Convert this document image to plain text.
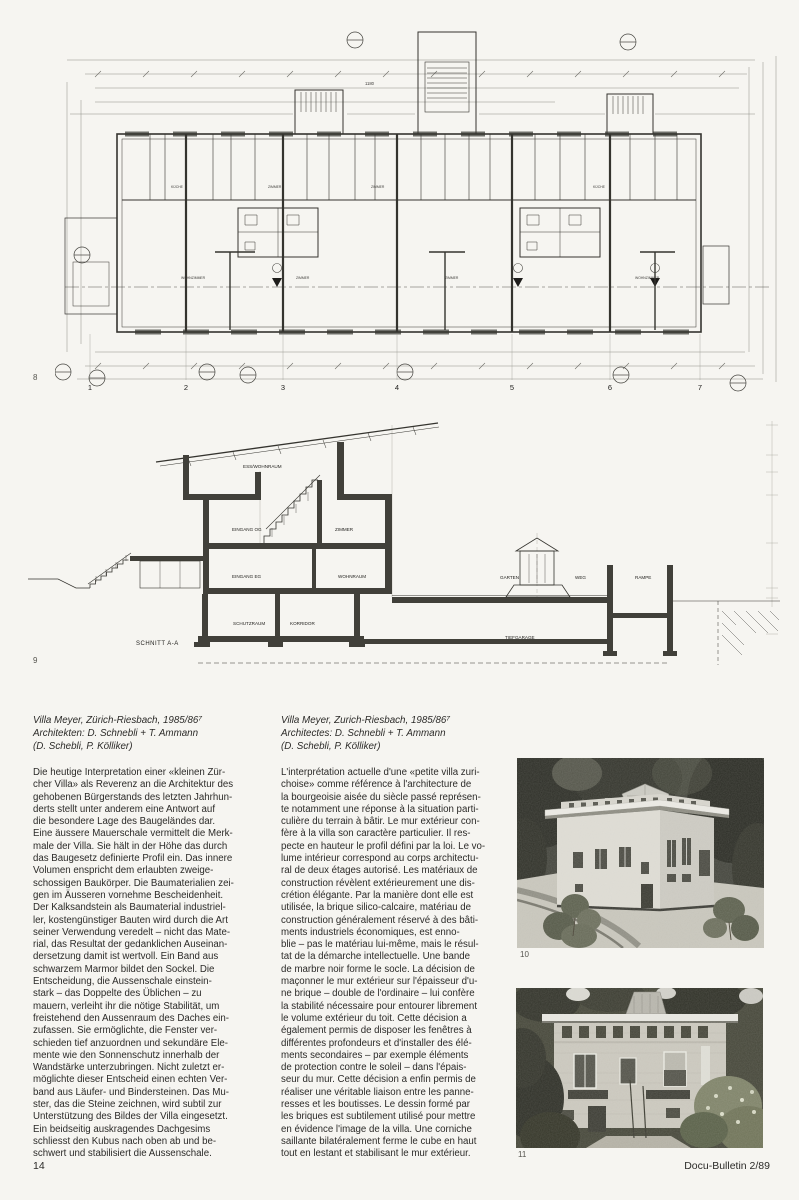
1	2	3	4	5	6	7
KÜCHE	ZIMMER	ZIMMER	KÜCHE
WOHNZIMMER	ZIMMER	ZIMMER	WOHNZIMMER
1180
8
ESS/WOHNRAUM
EINGANG OG	ZIMMER
EINGANG EG	WOHNRAUM
SCHUTZRAUM	KORRIDOR
GARTEN	WEG	RAMPE
TIEFGARAGE
SCHNITT A-A
9
Villa Meyer, Zürich-Riesbach, 1985/86⁷
Architekten: D. Schnebli + T. Ammann
(D. Schebli, P. Kölliker)
Die heutige Interpretation einer «kleinen Zür-
cher Villa» als Reverenz an die Architektur des
gehobenen Bürgerstands des letzten Jahrhun-
derts stellt unter anderem eine Antwort auf
die besondere Lage des Baugeländes dar.
Eine äussere Mauerschale vermittelt die Merk-
male der Villa. Sie hält in der Höhe das durch
das Baugesetz definierte Profil ein. Das innere
Volumen enspricht dem erlaubten zweige-
schossigen Baukörper. Die Baumaterialien zei-
gen im Äusseren vornehme Bescheidenheit.
Der Kalksandstein als Baumaterial industriel-
ler, kostengünstiger Bauten wird durch die Art
seiner Verwendung veredelt – nicht das Mate-
rial, das Resultat der gedanklichen Auseinan-
dersetzung damit ist wertvoll. Ein Band aus
schwarzem Marmor bildet den Sockel. Die
Entscheidung, die Aussenschale einstein-
stark – das Doppelte des Üblichen – zu
mauern, verleiht ihr die nötige Stabilität, um
freistehend den Aussenraum des Daches ein-
zufassen. Sie ermöglichte, die Fenster ver-
schieden tief anzuordnen und sekundäre Ele-
mente wie den Sonnenschutz innerhalb der
Wandstärke unterzubringen. Nicht zuletzt er-
möglichte dieser Entscheid einen echten Ver-
band aus Läufer- und Bindersteinen. Das Mu-
ster, das die Steine zeichnen, wird subtil zur
Unterstützung des Bildes der Villa eingesetzt.
Ein beidseitig auskragendes Dachgesims
schliesst den Kubus nach oben ab und be-
schwert und stabilisiert die Aussenschale.
Villa Meyer, Zurich-Riesbach, 1985/86⁷
Architectes: D. Schnebli + T. Ammann
(D. Schebli, P. Kölliker)
L'interprétation actuelle d'une «petite villa zuri-
choise» comme référence à l'architecture de
la bourgeoisie aisée du siècle passé représen-
te notamment une réponse à la situation parti-
culière du terrain à bâtir. Le mur extérieur con-
fère à la villa son caractère particulier. Il res-
pecte en hauteur le profil défini par la loi. Le vo-
lume intérieur correspond au corps architectu-
ral de deux étages autorisé. Les matériaux de
construction révèlent extérieurement une dis-
crétion élégante. Par la manière dont elle est
utilisée, la brique silico-calcaire, matériau de
construction généralement réservé à des bâti-
ments industriels économiques, est enno-
blie – pas le matériau lui-même, mais le résul-
tat de la démarche intellectuelle. Une bande
de marbre noir forme le socle. La décision de
maçonner le mur extérieur sur l'épaisseur d'u-
ne brique – double de l'ordinaire – lui confère
la stabilité nécessaire pour entourer librement
le volume extérieur du toit. Cette décision a
également permis de disposer les fenêtres à
différentes profondeurs et d'installer des élé-
ments secondaires – par exemple éléments
de protection contre le soleil – dans l'épais-
seur du mur. Cette décision a enfin permis de
réaliser une véritable liaison entre les panne-
resses et les boutisses. Le dessin formé par
les briques est subtilement utilisé pour mettre
en évidence l'image de la villa. Une corniche
saillante bilatéralement ferme le cube en haut
tout en lestant et stabilisant le mur extérieur.
10
11
14	Docu-Bulletin 2/89
